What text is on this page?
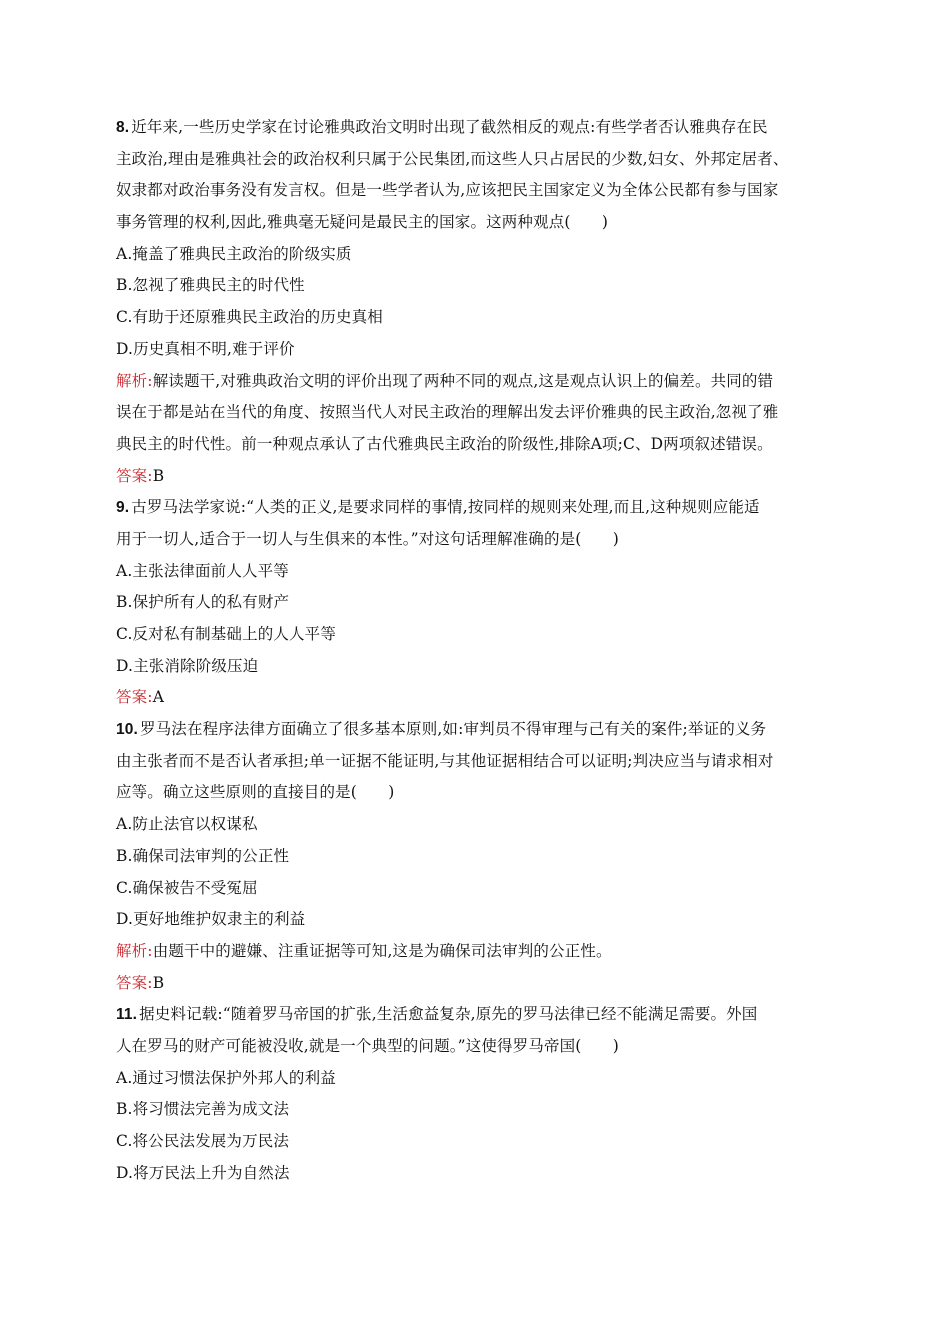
8. 近年来,一些历史学家在讨论雅典政治文明时出现了截然相反的观点:有些学者否认雅典存在民
主政治,理由是雅典社会的政治权利只属于公民集团,而这些人只占居民的少数,妇女、外邦定居者、
奴隶都对政治事务没有发言权。但是一些学者认为,应该把民主国家定义为全体公民都有参与国家
事务管理的权利,因此,雅典毫无疑问是最民主的国家。这两种观点(　　)
A.掩盖了雅典民主政治的阶级实质
B.忽视了雅典民主的时代性
C.有助于还原雅典民主政治的历史真相
D.历史真相不明,难于评价
解析:解读题干,对雅典政治文明的评价出现了两种不同的观点,这是观点认识上的偏差。共同的错
误在于都是站在当代的角度、按照当代人对民主政治的理解出发去评价雅典的民主政治,忽视了雅
典民主的时代性。前一种观点承认了古代雅典民主政治的阶级性,排除A项;C、D两项叙述错误。
答案:B
9. 古罗马法学家说:“人类的正义,是要求同样的事情,按同样的规则来处理,而且,这种规则应能适
用于一切人,适合于一切人与生俱来的本性。”对这句话理解准确的是(　　)
A.主张法律面前人人平等
B.保护所有人的私有财产
C.反对私有制基础上的人人平等
D.主张消除阶级压迫
答案:A
10. 罗马法在程序法律方面确立了很多基本原则,如:审判员不得审理与己有关的案件;举证的义务
由主张者而不是否认者承担;单一证据不能证明,与其他证据相结合可以证明;判决应当与请求相对
应等。确立这些原则的直接目的是(　　)
A.防止法官以权谋私
B.确保司法审判的公正性
C.确保被告不受冤屈
D.更好地维护奴隶主的利益
解析:由题干中的避嫌、注重证据等可知,这是为确保司法审判的公正性。
答案:B
11. 据史料记载:“随着罗马帝国的扩张,生活愈益复杂,原先的罗马法律已经不能满足需要。外国
人在罗马的财产可能被没收,就是一个典型的问题。”这使得罗马帝国(　　)
A.通过习惯法保护外邦人的利益
B.将习惯法完善为成文法
C.将公民法发展为万民法
D.将万民法上升为自然法
